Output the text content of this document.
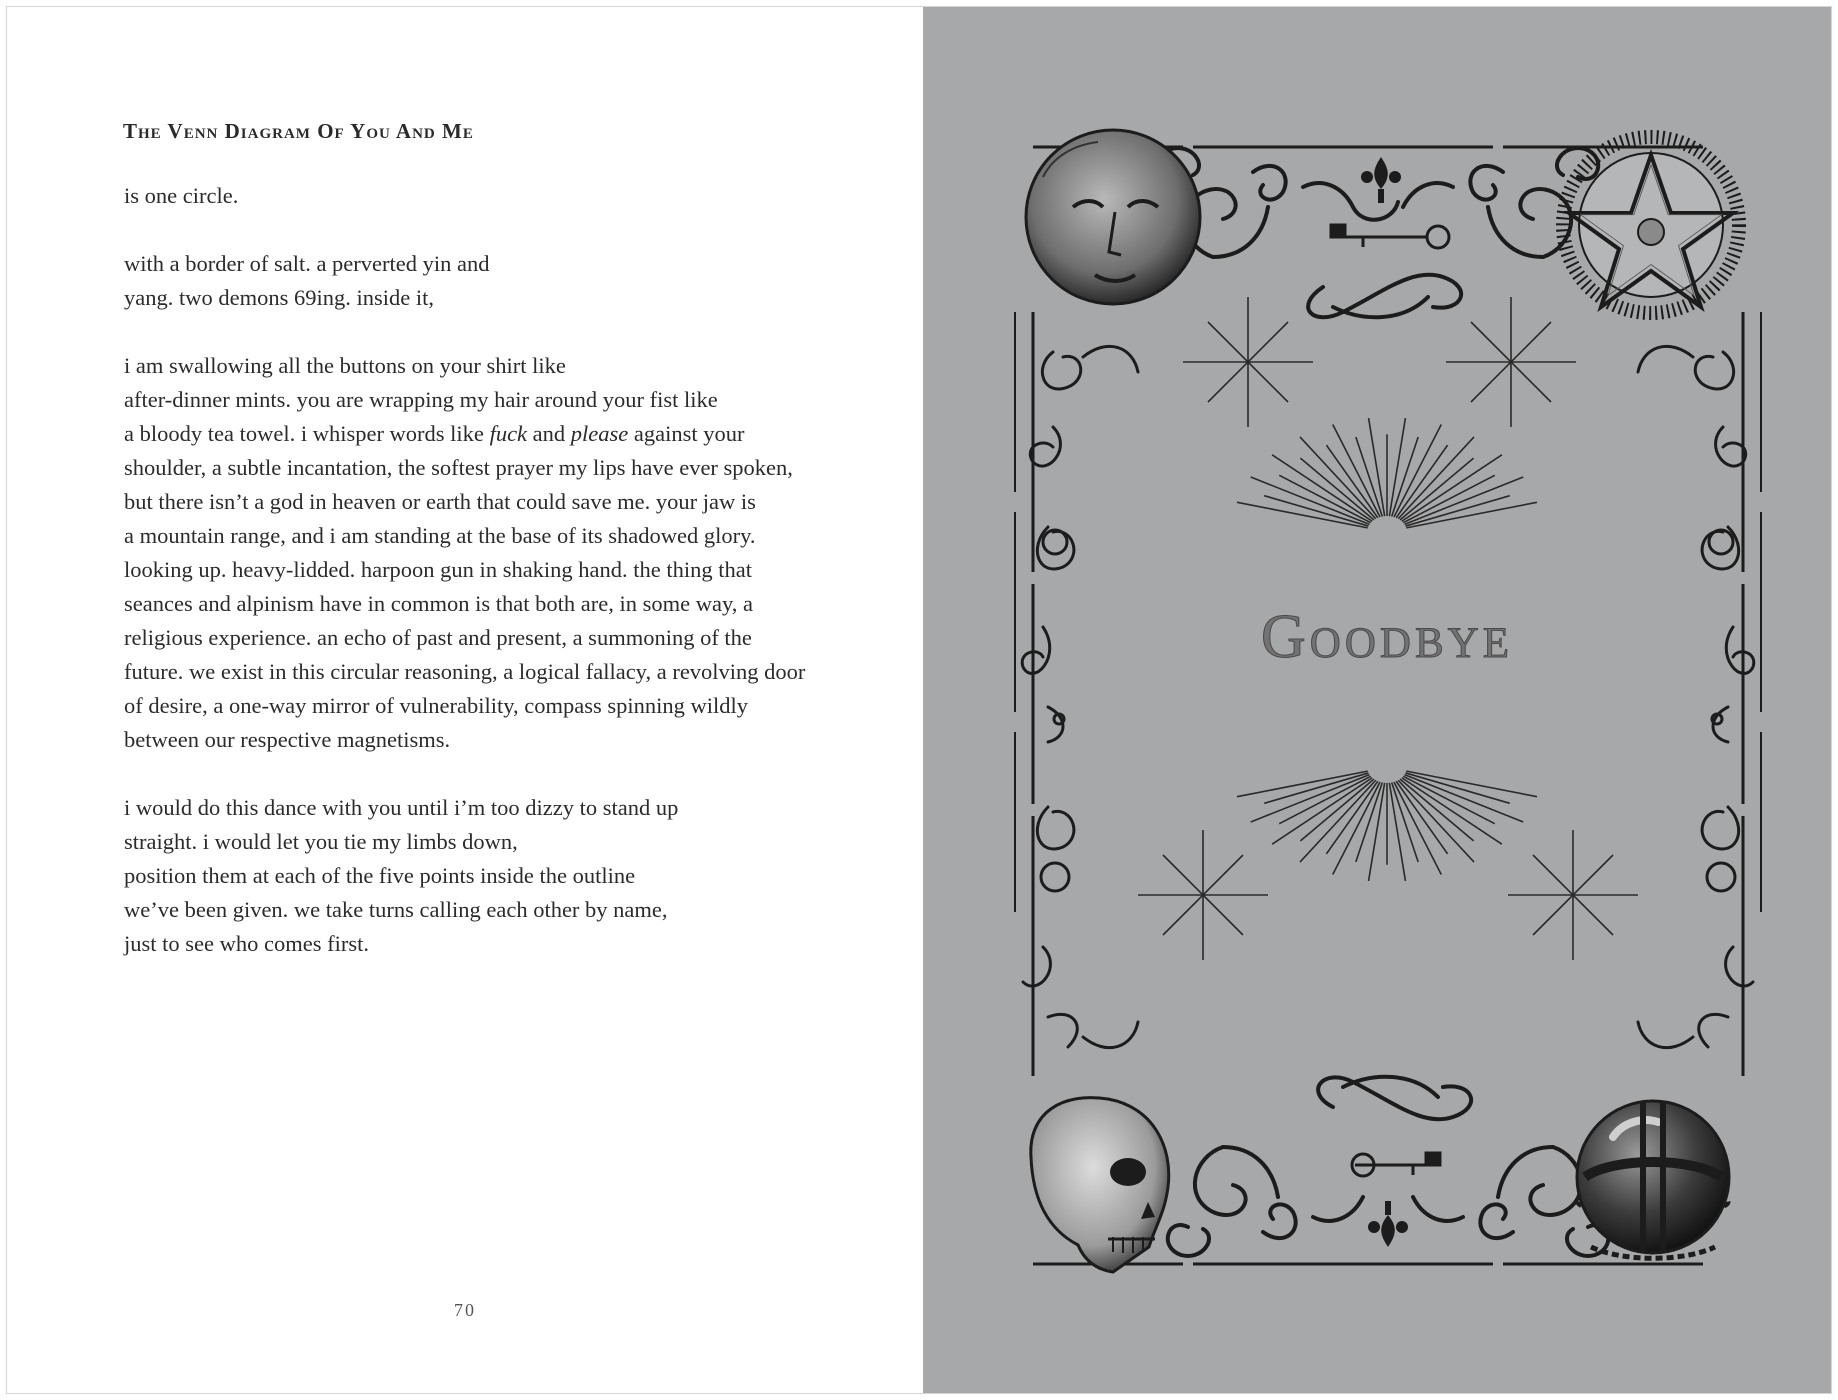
The Venn Diagram Of You And Me

is one circle.

with a border of salt. a perverted yin and
yang. two demons 69ing. inside it,

i am swallowing all the buttons on your shirt like
after-dinner mints. you are wrapping my hair around your fist like
a bloody tea towel. i whisper words like fuck and please against your
shoulder, a subtle incantation, the softest prayer my lips have ever spoken,
but there isn’t a god in heaven or earth that could save me. your jaw is
a mountain range, and i am standing at the base of its shadowed glory.
looking up. heavy-lidded. harpoon gun in shaking hand. the thing that
seances and alpinism have in common is that both are, in some way, a
religious experience. an echo of past and present, a summoning of the
future. we exist in this circular reasoning, a logical fallacy, a revolving door
of desire, a one-way mirror of vulnerability, compass spinning wildly
between our respective magnetisms.

i would do this dance with you until i’m too dizzy to stand up
straight. i would let you tie my limbs down,
position them at each of the five points inside the outline
we’ve been given. we take turns calling each other by name,
just to see who comes first.

70
Goodbye
